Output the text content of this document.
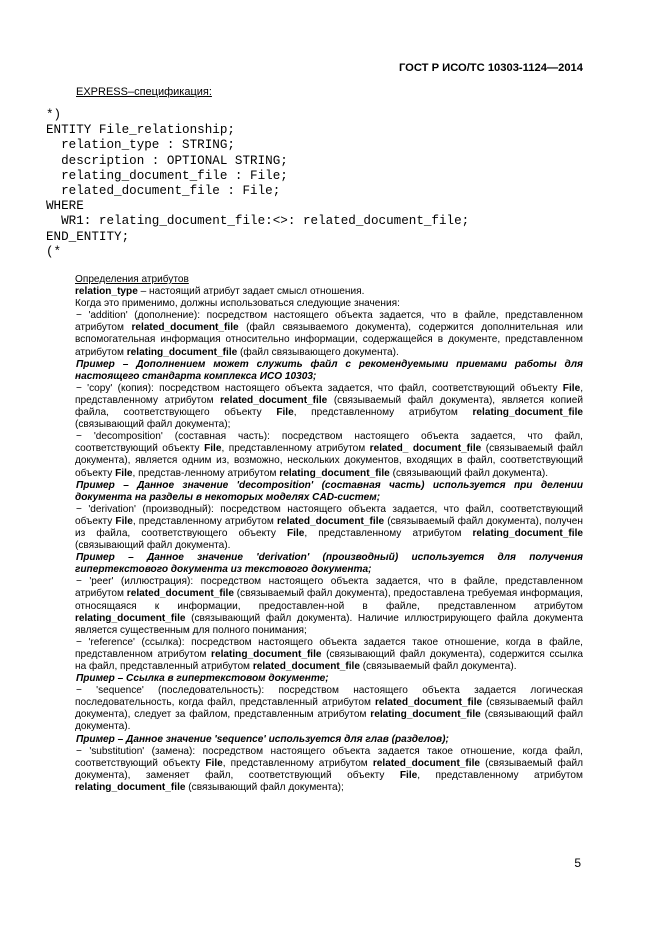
ГОСТ Р ИСО/ТС 10303-1124—2014
EXPRESS–спецификация:
*)
ENTITY File_relationship;
relation_type : STRING;
description : OPTIONAL STRING;
relating_document_file : File;
related_document_file : File;
WHERE
WR1: relating_document_file:<>: related_document_file;
END_ENTITY;
(*

Определения атрибутов

relation_type – настоящий атрибут задает смысл отношения.

Когда это применимо, должны использоваться следующие значения:

− 'addition' (дополнение): посредством настоящего объекта задается, что в файле, представленном атрибутом related_document_file (файл связываемого документа), содержится дополнительная или вспомогательная информация относительно информации, содержащейся в документе, представленном атрибутом relating_document_file (файл связывающего документа).

Пример – Дополнением может служить файл с рекомендуемыми приемами работы для настоящего стандарта комплекса ИСО 10303;

− 'copy' (копия): посредством настоящего объекта задается, что файл, соответствующий объекту File, представленному атрибутом related_document_file (связываемый файл документа), является копией файла, соответствующего объекту File, представленному атрибутом relating_document_file (связывающий файл документа);

− 'decomposition' (составная часть): посредством настоящего объекта задается, что файл, соответствующий объекту File, представленному атрибутом related_ document_file (связываемый файл документа), является одним из, возможно, нескольких документов, входящих в файл, соответствующий объекту File, представ-ленному атрибутом relating_document_file (связывающий файл документа).

Пример – Данное значение 'decomposition' (составная часть) используется при делении документа на разделы в некоторых моделях CAD-систем;

− 'derivation' (производный): посредством настоящего объекта задается, что файл, соответствующий объекту File, представленному атрибутом related_document_file (связываемый файл документа), получен из файла, соответствующего объекту File, представленному атрибутом relating_document_file (связывающий файл документа).

Пример – Данное значение 'derivation' (производный) используется для получения гипертекстового документа из текстового документа;

− 'peer' (иллюстрация): посредством настоящего объекта задается, что в файле, представленном атрибутом related_document_file (связываемый файл документа), предоставлена требуемая информация, относящаяся к информации, предоставлен-ной в файле, представленном атрибутом relating_document_file (связывающий файл документа). Наличие иллюстрирующего файла документа является существенным для полного понимания;

− 'reference' (ссылка): посредством настоящего объекта задается такое отношение, когда в файле, представленном атрибутом relating_document_file (связывающий файл документа), содержится ссылка на файл, представленный атрибутом related_document_file (связываемый файл документа).

Пример – Ссылка в гипертекстовом документе;

− 'sequence' (последовательность): посредством настоящего объекта задается логическая последовательность, когда файл, представленный атрибутом related_document_file (связываемый файл документа), следует за файлом, представленным атрибутом relating_document_file (связывающий файл документа).

Пример – Данное значение 'sequence' используется для глав (разделов);

− 'substitution' (замена): посредством настоящего объекта задается такое отношение, когда файл, соответствующий объекту File, представленному атрибутом related_document_file (связываемый файл документа), заменяет файл, соответствующий объекту File, представленному атрибутом relating_document_file (связывающий файл документа);

5
